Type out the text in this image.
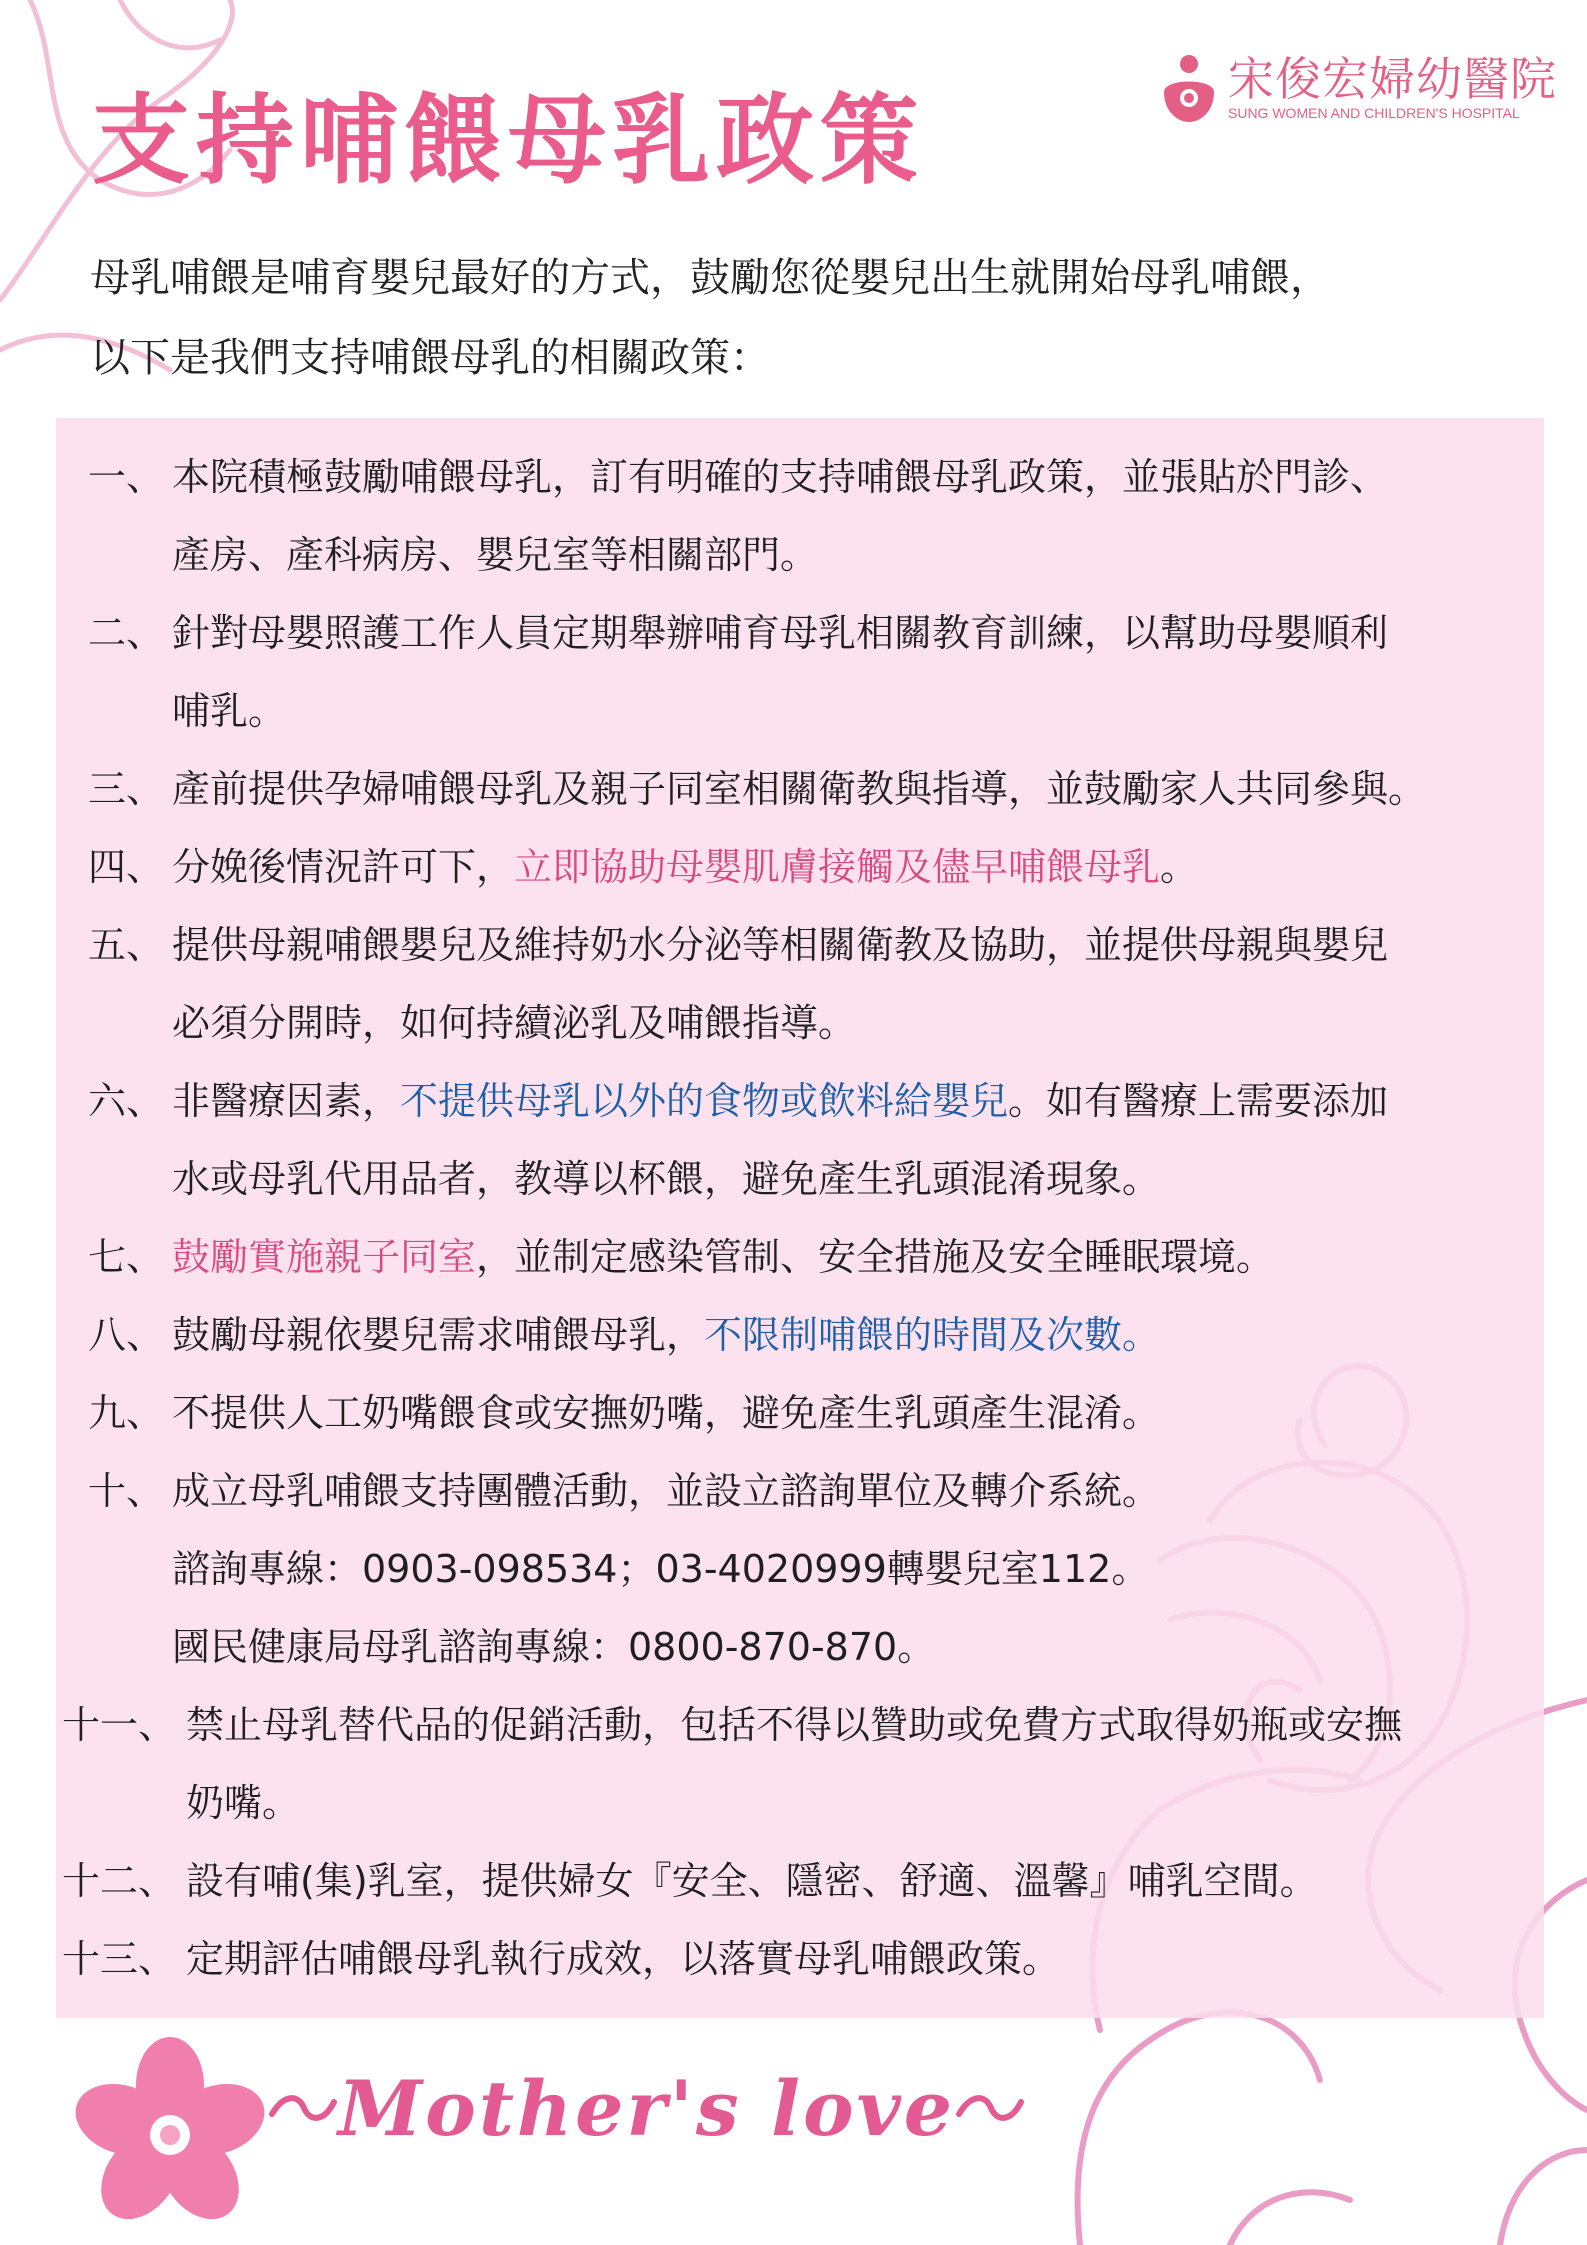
宋俊宏婦幼醫院
SUNG WOMEN AND CHILDREN'S HOSPITAL
支持哺餵母乳政策

母乳哺餵是哺育嬰兒最好的方式，鼓勵您從嬰兒出生就開始母乳哺餵，

以下是我們支持哺餵母乳的相關政策：

一、 本院積極鼓勵哺餵母乳，訂有明確的支持哺餵母乳政策，並張貼於門診、
產房、產科病房、嬰兒室等相關部門。
二、 針對母嬰照護工作人員定期舉辦哺育母乳相關教育訓練，以幫助母嬰順利
哺乳。
三、 產前提供孕婦哺餵母乳及親子同室相關衛教與指導，並鼓勵家人共同參與。
四、 分娩後情況許可下，立即協助母嬰肌膚接觸及儘早哺餵母乳。
五、 提供母親哺餵嬰兒及維持奶水分泌等相關衛教及協助，並提供母親與嬰兒
必須分開時，如何持續泌乳及哺餵指導。
六、 非醫療因素，不提供母乳以外的食物或飲料給嬰兒。如有醫療上需要添加
水或母乳代用品者，教導以杯餵，避免產生乳頭混淆現象。
七、 鼓勵實施親子同室，並制定感染管制、安全措施及安全睡眠環境。
八、 鼓勵母親依嬰兒需求哺餵母乳，不限制哺餵的時間及次數。
九、 不提供人工奶嘴餵食或安撫奶嘴，避免產生乳頭產生混淆。
十、 成立母乳哺餵支持團體活動，並設立諮詢單位及轉介系統。
諮詢專線：0903-098534；03-4020999轉嬰兒室112。
國民健康局母乳諮詢專線：0800-870-870。
十一、 禁止母乳替代品的促銷活動，包括不得以贊助或免費方式取得奶瓶或安撫
奶嘴。
十二、 設有哺(集)乳室，提供婦女『安全、隱密、舒適、溫馨』哺乳空間。
十三、 定期評估哺餵母乳執行成效，以落實母乳哺餵政策。
Mother's love
